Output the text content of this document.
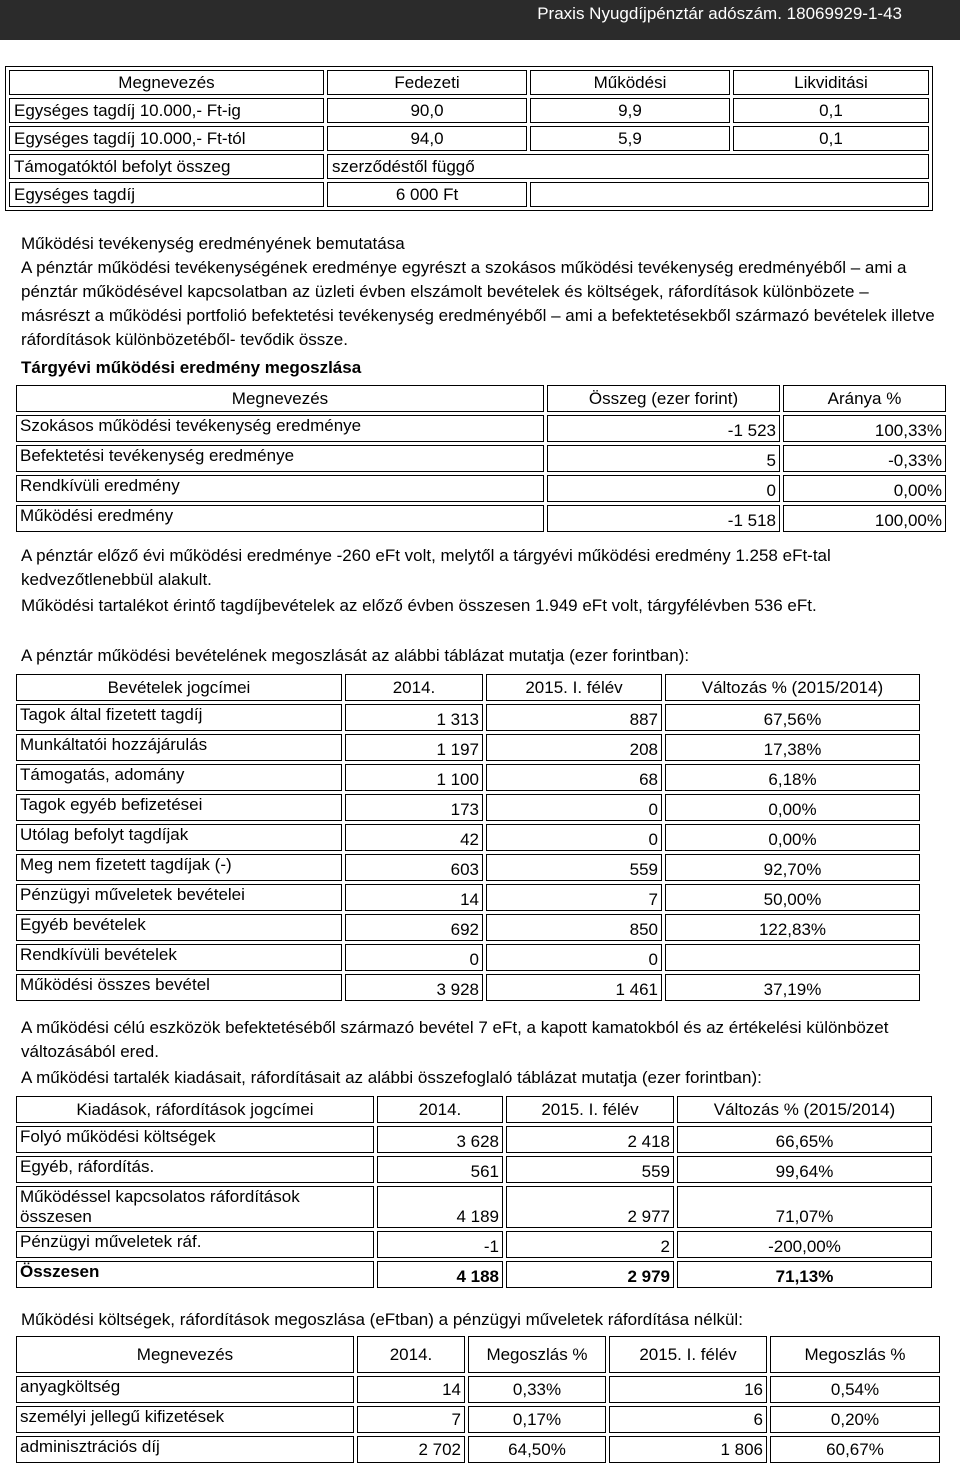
Praxis Nyugdíjpénztár adószám. 18069929-1-43
Megnevezés	Fedezeti	Működési	Likviditási
Egységes tagdíj 10.000,- Ft-ig	90,0	9,9	0,1
Egységes tagdíj 10.000,- Ft-tól	94,0	5,9	0,1
Támogatóktól befolyt összeg	szerződéstől függő		
Egységes tagdíj	6 000 Ft		
Működési tevékenység eredményének bemutatása
A pénztár működési tevékenységének eredménye egyrészt a szokásos működési tevékenység eredményéből – ami a pénztár működésével kapcsolatban az üzleti évben elszámolt bevételek és költségek, ráfordítások különbözete – másrészt a működési portfolió befektetési tevékenység eredményéből – ami a befektetésekből származó bevételek illetve ráfordítások különbözetéből- tevődik össze.
Tárgyévi működési eredmény megoszlása
Megnevezés	Összeg (ezer forint)	Aránya %
Szokásos működési tevékenység eredménye	-1 523	100,33%
Befektetési tevékenység eredménye	5	-0,33%
Rendkívüli eredmény	0	0,00%
Működési eredmény	-1 518	100,00%
A pénztár előző évi működési eredménye -260 eFt volt, melytől a tárgyévi működési eredmény 1.258 eFt-tal kedvezőtlenebbül alakult.
Működési tartalékot érintő tagdíjbevételek az előző évben összesen 1.949 eFt volt, tárgyfélévben 536 eFt.
A pénztár működési bevételének megoszlását az alábbi táblázat mutatja (ezer forintban):
Bevételek jogcímei	2014.	2015. I. félév	Változás % (2015/2014)
Tagok által fizetett tagdíj	1 313	887	67,56%
Munkáltatói hozzájárulás	1 197	208	17,38%
Támogatás, adomány	1 100	68	6,18%
Tagok egyéb befizetései	173	0	0,00%
Utólag befolyt tagdíjak	42	0	0,00%
Meg nem fizetett tagdíjak (-)	603	559	92,70%
Pénzügyi műveletek bevételei	14	7	50,00%
Egyéb bevételek	692	850	122,83%
Rendkívüli bevételek	0	0	
Működési összes bevétel	3 928	1 461	37,19%
A működési célú eszközök befektetéséből származó bevétel 7 eFt, a kapott kamatokból és az értékelési különbözet változásából ered.
A működési tartalék kiadásait, ráfordításait az alábbi összefoglaló táblázat mutatja (ezer forintban):
Kiadások, ráfordítások jogcímei	2014.	2015. I. félév	Változás % (2015/2014)
Folyó működési költségek	3 628	2 418	66,65%
Egyéb, ráfordítás.	561	559	99,64%
Működéssel kapcsolatos ráfordítások összesen	4 189	2 977	71,07%
Pénzügyi műveletek ráf.	-1	2	-200,00%
Összesen	4 188	2 979	71,13%
Működési költségek, ráfordítások megoszlása (eFtban) a pénzügyi műveletek ráfordítása nélkül:
Megnevezés	2014.	Megoszlás %	2015. I. félév	Megoszlás %
anyagköltség	14	0,33%	16	0,54%
személyi jellegű kifizetések	7	0,17%	6	0,20%
adminisztrációs díj	2 702	64,50%	1 806	60,67%
